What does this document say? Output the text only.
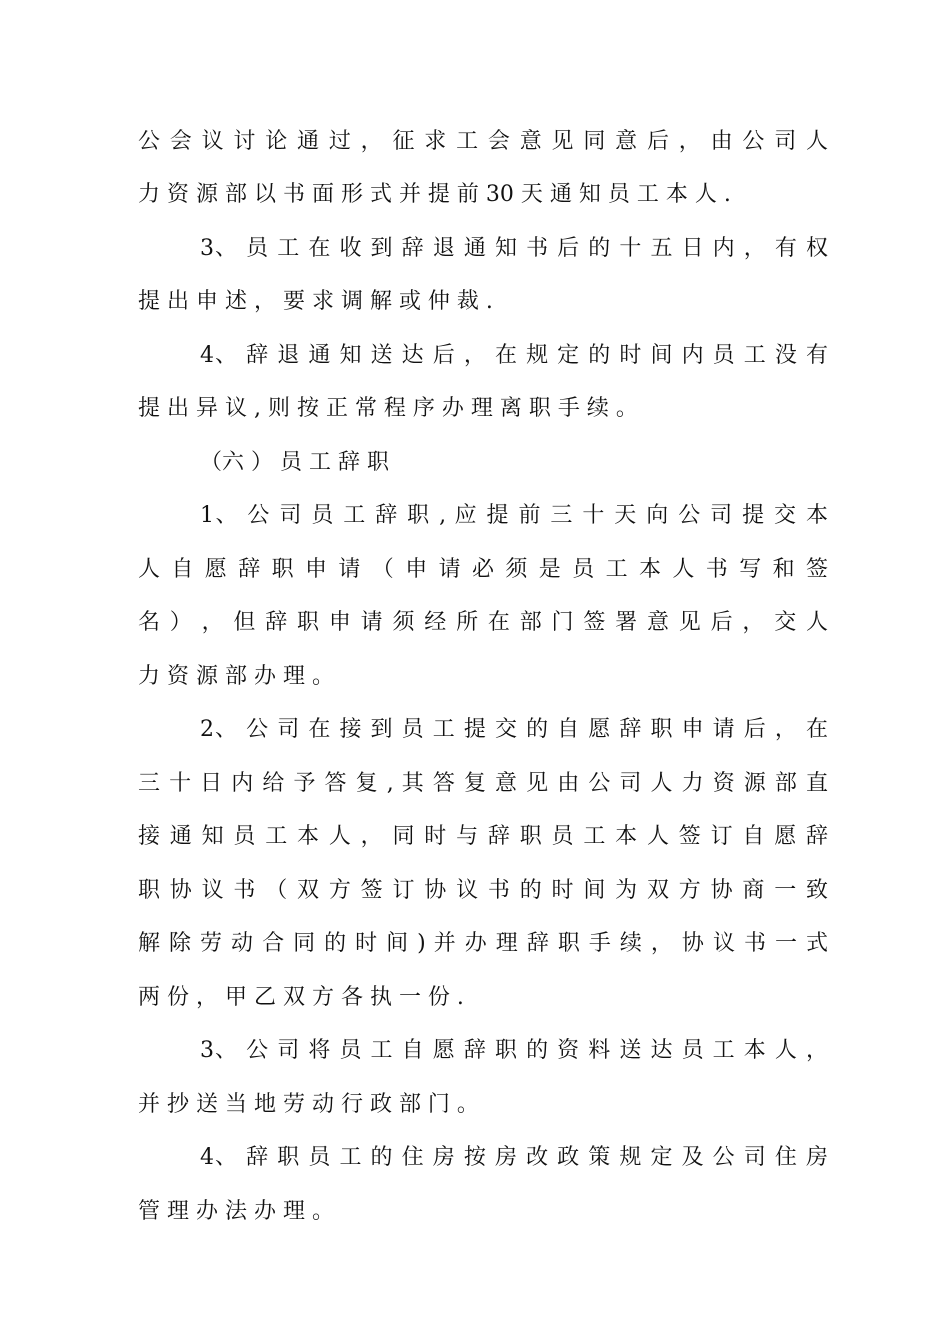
公 会 议 讨 论 通 过 ， 征 求 工 会 意 见 同 意 后 ， 由 公 司 人
力 资 源 部 以 书 面 形 式 并 提 前 30 天 通 知 员 工 本 人 .
3、 员 工 在 收 到 辞 退 通 知 书 后 的 十 五 日 内 ， 有 权
提 出 申 述 ， 要 求 调 解 或 仲 裁 .
4、 辞 退 通 知 送 达 后 ， 在 规 定 的 时 间 内 员 工 没 有
提 出 异 议 , 则 按 正 常 程 序 办 理 离 职 手 续 。
（六 ） 员 工 辞 职
1、 公 司 员 工 辞 职 , 应 提 前 三 十 天 向 公 司 提 交 本
人 自 愿 辞 职 申 请 （ 申 请 必 须 是 员 工 本 人 书 写 和 签
名 ） ， 但 辞 职 申 请 须 经 所 在 部 门 签 署 意 见 后 ， 交 人
力 资 源 部 办 理 。
2、 公 司 在 接 到 员 工 提 交 的 自 愿 辞 职 申 请 后 ， 在
三 十 日 内 给 予 答 复 , 其 答 复 意 见 由 公 司 人 力 资 源 部 直
接 通 知 员 工 本 人 ， 同 时 与 辞 职 员 工 本 人 签 订 自 愿 辞
职 协 议 书 （ 双 方 签 订 协 议 书 的 时 间 为 双 方 协 商 一 致
解 除 劳 动 合 同 的 时 间 ) 并 办 理 辞 职 手 续 ， 协 议 书 一 式
两 份 ， 甲 乙 双 方 各 执 一 份 .
3、 公 司 将 员 工 自 愿 辞 职 的 资 料 送 达 员 工 本 人 ，
并 抄 送 当 地 劳 动 行 政 部 门 。
4、 辞 职 员 工 的 住 房 按 房 改 政 策 规 定 及 公 司 住 房
管 理 办 法 办 理 。
